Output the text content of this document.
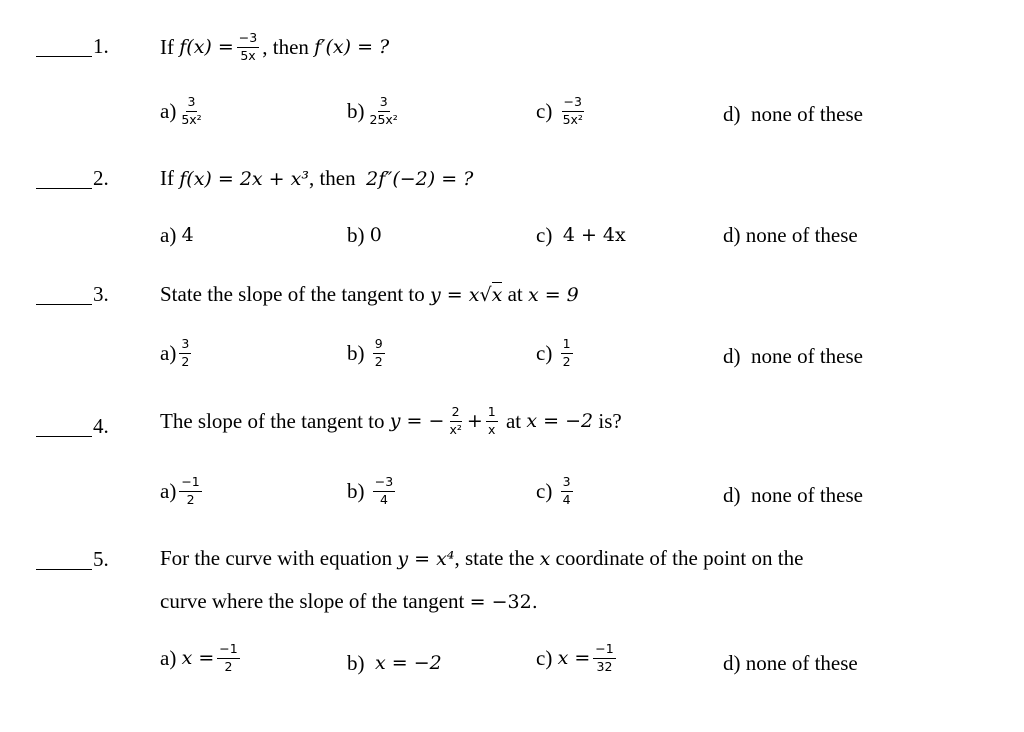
1. If
$f(x) = \frac{-3}{5x}$ , then
f′(x) = ?
$a) \frac{3}{\text{5x²}}$	$b) \frac{3}{\text{25x²}}$	c)
$\frac{-3}{\text{5x²}}$	d)
none of these
2. If f(x) = 2x + x³, then 2f″(−2) = ?
a)
4	b)
0	c)
4 + 4x	d)
none of these
3. State the slope of the tangent to y = x√x at x = 9
$a) \frac{3}{2}$	b)
$\frac{9}{2}$	c)
$\frac{1}{2}$	d)
none of these
4. The slope of the tangent to
y = − $\frac{2}{\text{x²}} + \frac{1}{x}$
at
x = −2
is?
$a) \frac{-1}{2}$	b)
$\frac{-3}{4}$	c)
$\frac{3}{4}$	d)
none of these
5. For the curve with equation y = x⁴, state the x coordinate of the point on the
curve where the slope of the tangent = −32.
a)
$x = \frac{-1}{2}$	b)
x = −2	c)
$x = \frac{-1}{32}$	d)
none of these
